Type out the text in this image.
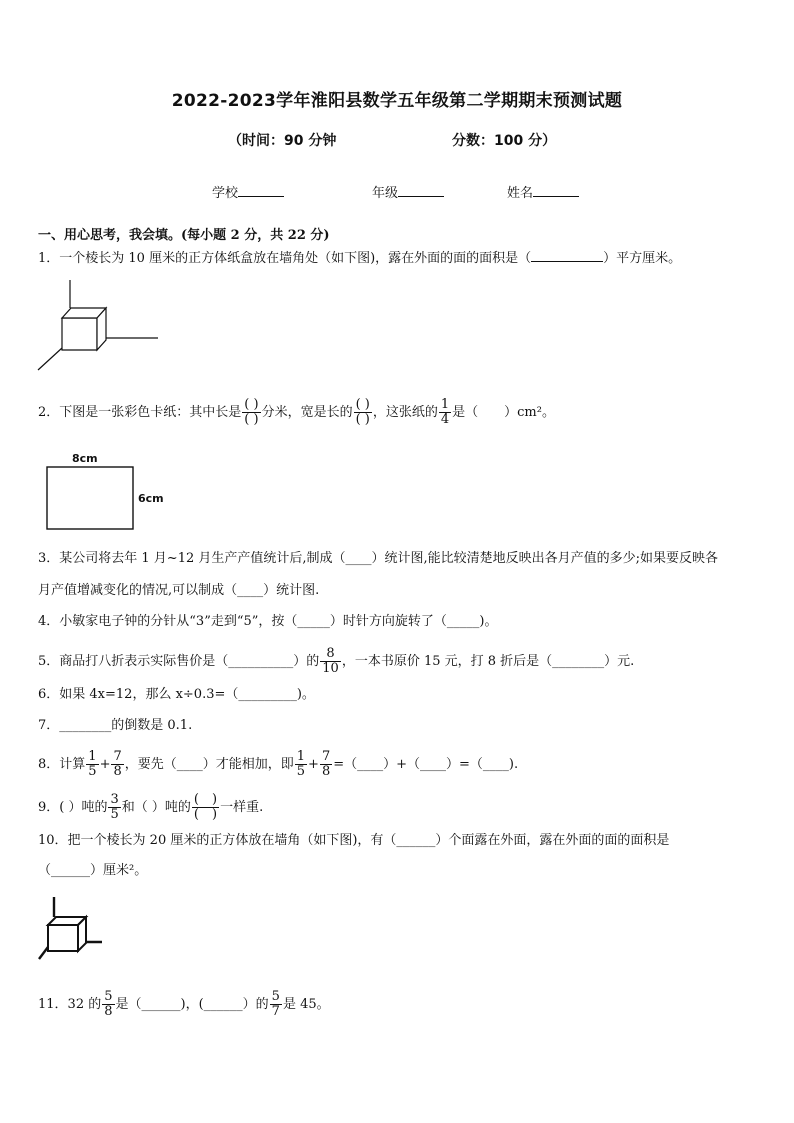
2022-2023学年淮阳县数学五年级第二学期期末预测试题
（时间：90 分钟	分数：100 分）
学校	年级	姓名
一、用心思考，我会填。(每小题 2 分，共 22 分)
1．一个棱长为 10 厘米的正方体纸盒放在墙角处（如下图)，露在外面的面的面积是（	）平方厘米。
2．下图是一张彩色卡纸：其中长是 $\frac{( )}{( )}$ 分米，宽是长的 $\frac{( )}{( )}$ ，这张纸的 $\frac{1}{4}$ 是（　　）cm²。
8cm
6cm
3．某公司将去年 1 月~12 月生产产值统计后,制成（____）统计图,能比较清楚地反映出各月产值的多少;如果要反映各
月产值增减变化的情况,可以制成（____）统计图.
4．小敏家电子钟的分针从“3”走到“5”，按（_____）时针方向旋转了（_____)。
5．商品打八折表示实际售价是（__________）的 $\frac{8}{10}$ ，一本书原价 15 元，打 8 折后是（________）元.
6．如果 4x=12，那么 x÷0.3=（_________)。
7．________的倒数是 0.1.
8．计算 $\frac{1}{5} + \frac{7}{8}$ ，要先（____）才能相加，即 $\frac{1}{5} + \frac{7}{8}$ =（____）+（____）=（____).
9．( ）吨的 $\frac{3}{5}$ 和（ ）吨的 $\frac{( )}{( )}$ 一样重.
10．把一个棱长为 20 厘米的正方体放在墙角（如下图)，有（______）个面露在外面，露在外面的面的面积是
（______）厘米²。
11．32 的 $\frac{5}{8}$ 是（______)，(______）的 $\frac{5}{7}$ 是 45。
